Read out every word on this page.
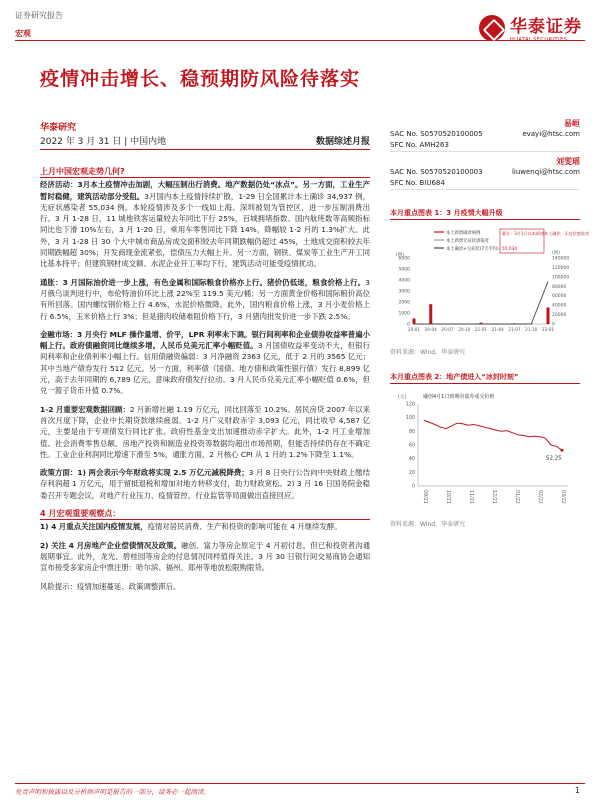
证券研究报告
宏观	华泰证券
HUATAI SECURITIES
疫情冲击增长、稳预期防风险待落实
华泰研究
2022 年 3 月 31 日 | 中国内地	数据综述月报
易峘
SAC No. S0570520100005	evayi@htsc.com
SFC No. AMH263
刘雯瑶
SAC No. S0570520100003	liuwenqi@htsc.com
SFC No. BIU684
上月中国宏观走势几何?

经济活动：3月本土疫情冲击加剧，大幅压制出行消费。地产数据仍处“冰点”。另一方面，工业生产暂时稳健，建筑活动部分受阻。3月国内本土疫情持续扩散，1-29 日全国累计本土确诊 34,937 例，无症状感染者 55,034 例。本轮疫情涉及多个一线如上海、深圳被划为管控区，进一步压制消费出行。3 月 1-28 日，11 城地铁客运量较去年同比下行 25%，百城拥堵指数、国内航班数等高频指标同比也下滑 10%左右，3 月 1-20 日，乘用车零售同比下降 14%，降幅较 1-2 月的 1.3%扩大。此外，3 月 1-28 日 30 个大中城市商品房成交面积较去年同期跌幅仍超过 45%，土地成交面积较去年同期跌幅超 30%；开发商现金流紧张，偿债压力大幅上升。另一方面，钢铁、煤炭等工业生产开工同比基本持平；但建筑钢材成交额、水泥企业开工率均下行，建筑活动可能受疫情扰动。

通胀：3 月国际油价进一步上涨，有色金属和国际粮食价格亦上行。猪价仍低迷，粮食价格上行。3 月俄乌谈判进行中，布伦特油价环比上涨 22%至 119.5 美元/桶；另一方面黄金价格和国际粮价高位有所回落。国内螺纹钢价格上行 4.6%，水泥价格微降。此外，国内粮食价格上涨，3 月小麦价格上行 6.5%，玉米价格上行 3%；但是猪肉收储难阻价格下行，3 月猪肉批发价进一步下跌 2.5%。

金融市场：3 月央行 MLF 操作量增、价平，LPR 利率未下调。银行间利率和企业债券收益率普遍小幅上行。政府债融资同比继续多增。人民币兑美元汇率小幅贬值。3 月国债收益率变动不大，但银行间利率和企业债利率小幅上行。信用债融资偏弱：3 月净融资 2363 亿元，低于 2 月的 3565 亿元；其中当地产债券发行 512 亿元。另一方面，利率债（国债、地方债和政策性银行债）发行 8,899 亿元，高于去年同期的 6,789 亿元，意味政府债发行拉动。3 月人民币兑美元汇率小幅贬值 0.6%，但兑一篮子货币升值 0.7%。

1-2 月重要宏观数据回顾：2 月新增社融 1.19 万亿元，同比回落至 10.2%。居民房贷 2007 年以来首次月度下降，企业中长期贷款继续疲弱。1-2 月广义财政赤字 3,093 亿元，同比收窄 4,587 亿元，主要是由于专项债发行同比扩张、政府性基金支出加速推动赤字扩大。此外，1-2 月工业增加值、社会消费零售总额、房地产投资和制造业投资等数据均超出市场预期，但能否持续仍存在不确定性。工业企业利润同比增速下滑至 5%，通胀方面，2 月核心 CPI 从 1 月的 1.2%下降至 1.1%。

政策方面：1) 两会表示今年财政将实现 2.5 万亿元减税降费；3 月 8 日央行公告向中央财政上缴结存利润超 1 万亿元，用于留抵退税和增加对地方转移支付，助力财政宽松。2) 3 月 16 日国务院金稳委召开专题会议，对地产行业压力、疫情管控、行业监管等局面做出直接回应。

4 月宏观重要观察点：

1) 4 月重点关注国内疫情发展，疫情对居民消费、生产和投资的影响可能在 4 月继续发酵。

2) 关注 4 月房地产企业偿债情况及政策。融创、富力等房企原定于 4 月初付息，但已和投资者沟通展期事宜。此外，龙光、碧桂园等房企的付息情况同样值得关注。3 月 30 日银行间交易商协会通知宣布接受多家房企中票注册：哈尔滨、福州、郑州等地放松限购限贷。

风险提示：疫情加速蔓延、政策调整滞后。

本月重点图表 1：3 月疫情大幅升级
6000
5000
4000
3000
2000
1000
0
140000
120000
100000
80000
60000
40000
20000
0
(例)	(例)
20-01 20-04 20-07 20-10 21-01 21-04 21-07 21-10 22-01
本土新增确诊病例
本土新增无症状感染者
本土确诊+无症状(7天平均)
累计：3月1日以来新增本土确诊，无症状感染者
55,034
资料来源：Wind，华泰研究
本月重点图表 2：地产债进入“冰封时刻”
120
100
80
60
40
20
0
(元)
09/21	10/21	11/21	12/21	01/22	02/22	03/22
52.25
融创4月1日到期的债券成交价格
资料来源：Wind，华泰研究
免责声明和披露以及分析师声明是报告的一部分，请务必一起阅读。	1
